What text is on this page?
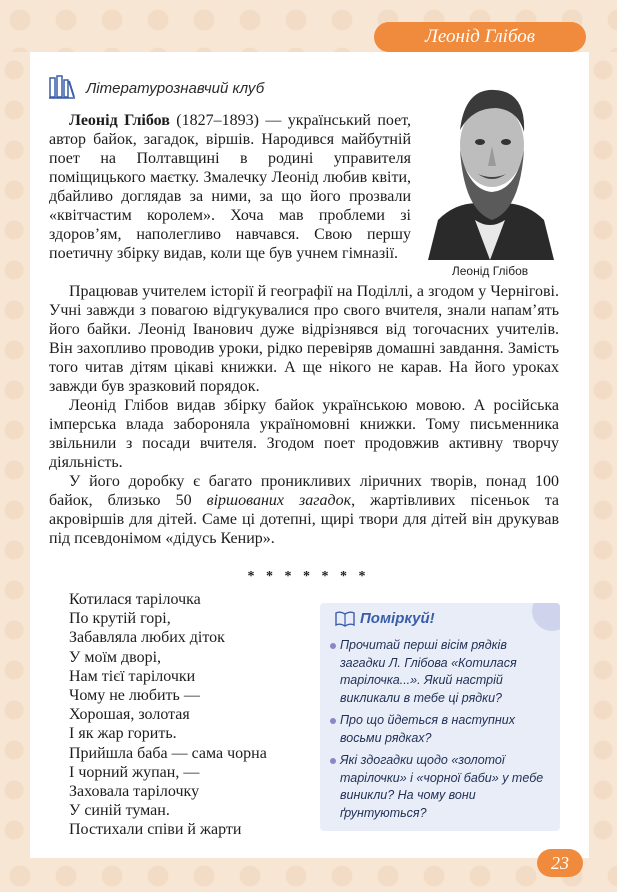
Леонід Глібов
Літературознавчий клуб

Леонід Глібов (1827–1893) — український поет, автор байок, загадок, віршів. Народився майбутній поет на Полтавщині в родині управителя поміщицького маєтку. Змалечку Леонід любив квіти, дбайливо доглядав за ними, за що його прозвали «квітчастим королем». Хоча мав проблеми зі здоров’ям, наполегливо навчався. Свою першу поетичну збірку видав, коли ще був учнем гімназії.

Леонід Глібов

Працював учителем історії й географії на Поділлі, а згодом у Чернігові. Учні завжди з повагою відгукувалися про свого вчителя, знали напам’ять його байки. Леонід Іванович дуже відрізнявся від тогочасних учителів. Він захопливо проводив уроки, рідко перевіряв домашні завдання. Замість того читав дітям цікаві книжки. А ще нікого не карав. На його уроках завжди був зразковий порядок.

Леонід Глібов видав збірку байок українською мовою. А російська імперська влада забороняла україномовні книжки. Тому письменника звільнили з посади вчителя. Згодом поет продовжив активну творчу діяльність.

У його доробку є багато проникливих ліричних творів, понад 100 байок, близько 50 віршованих загадок, жартівливих пісеньок та акровіршів для дітей. Саме ці дотепні, щирі твори для дітей він друкував під псевдонімом «дідусь Кенир».

* * * * * * *
Котилася тарілочка
По крутій горі,
Забавляла любих діток
У моїм дворі,
Нам тієї тарілочки
Чому не любить —
Хорошая, золотая
І як жар горить.
Прийшла баба — сама чорна
І чорний жупан, —
Заховала тарілочку
У синій туман.
Постихали співи й жарти
Поміркуй!
Прочитай перші вісім рядків загадки Л. Глібова «Котилася тарілочка...». Який настрій викликали в тебе ці рядки?
Про що йдеться в наступних восьми рядках?
Які здогадки щодо «золотої тарілочки» і «чорної баби» у тебе виникли? На чому вони ґрунтуються?
23
